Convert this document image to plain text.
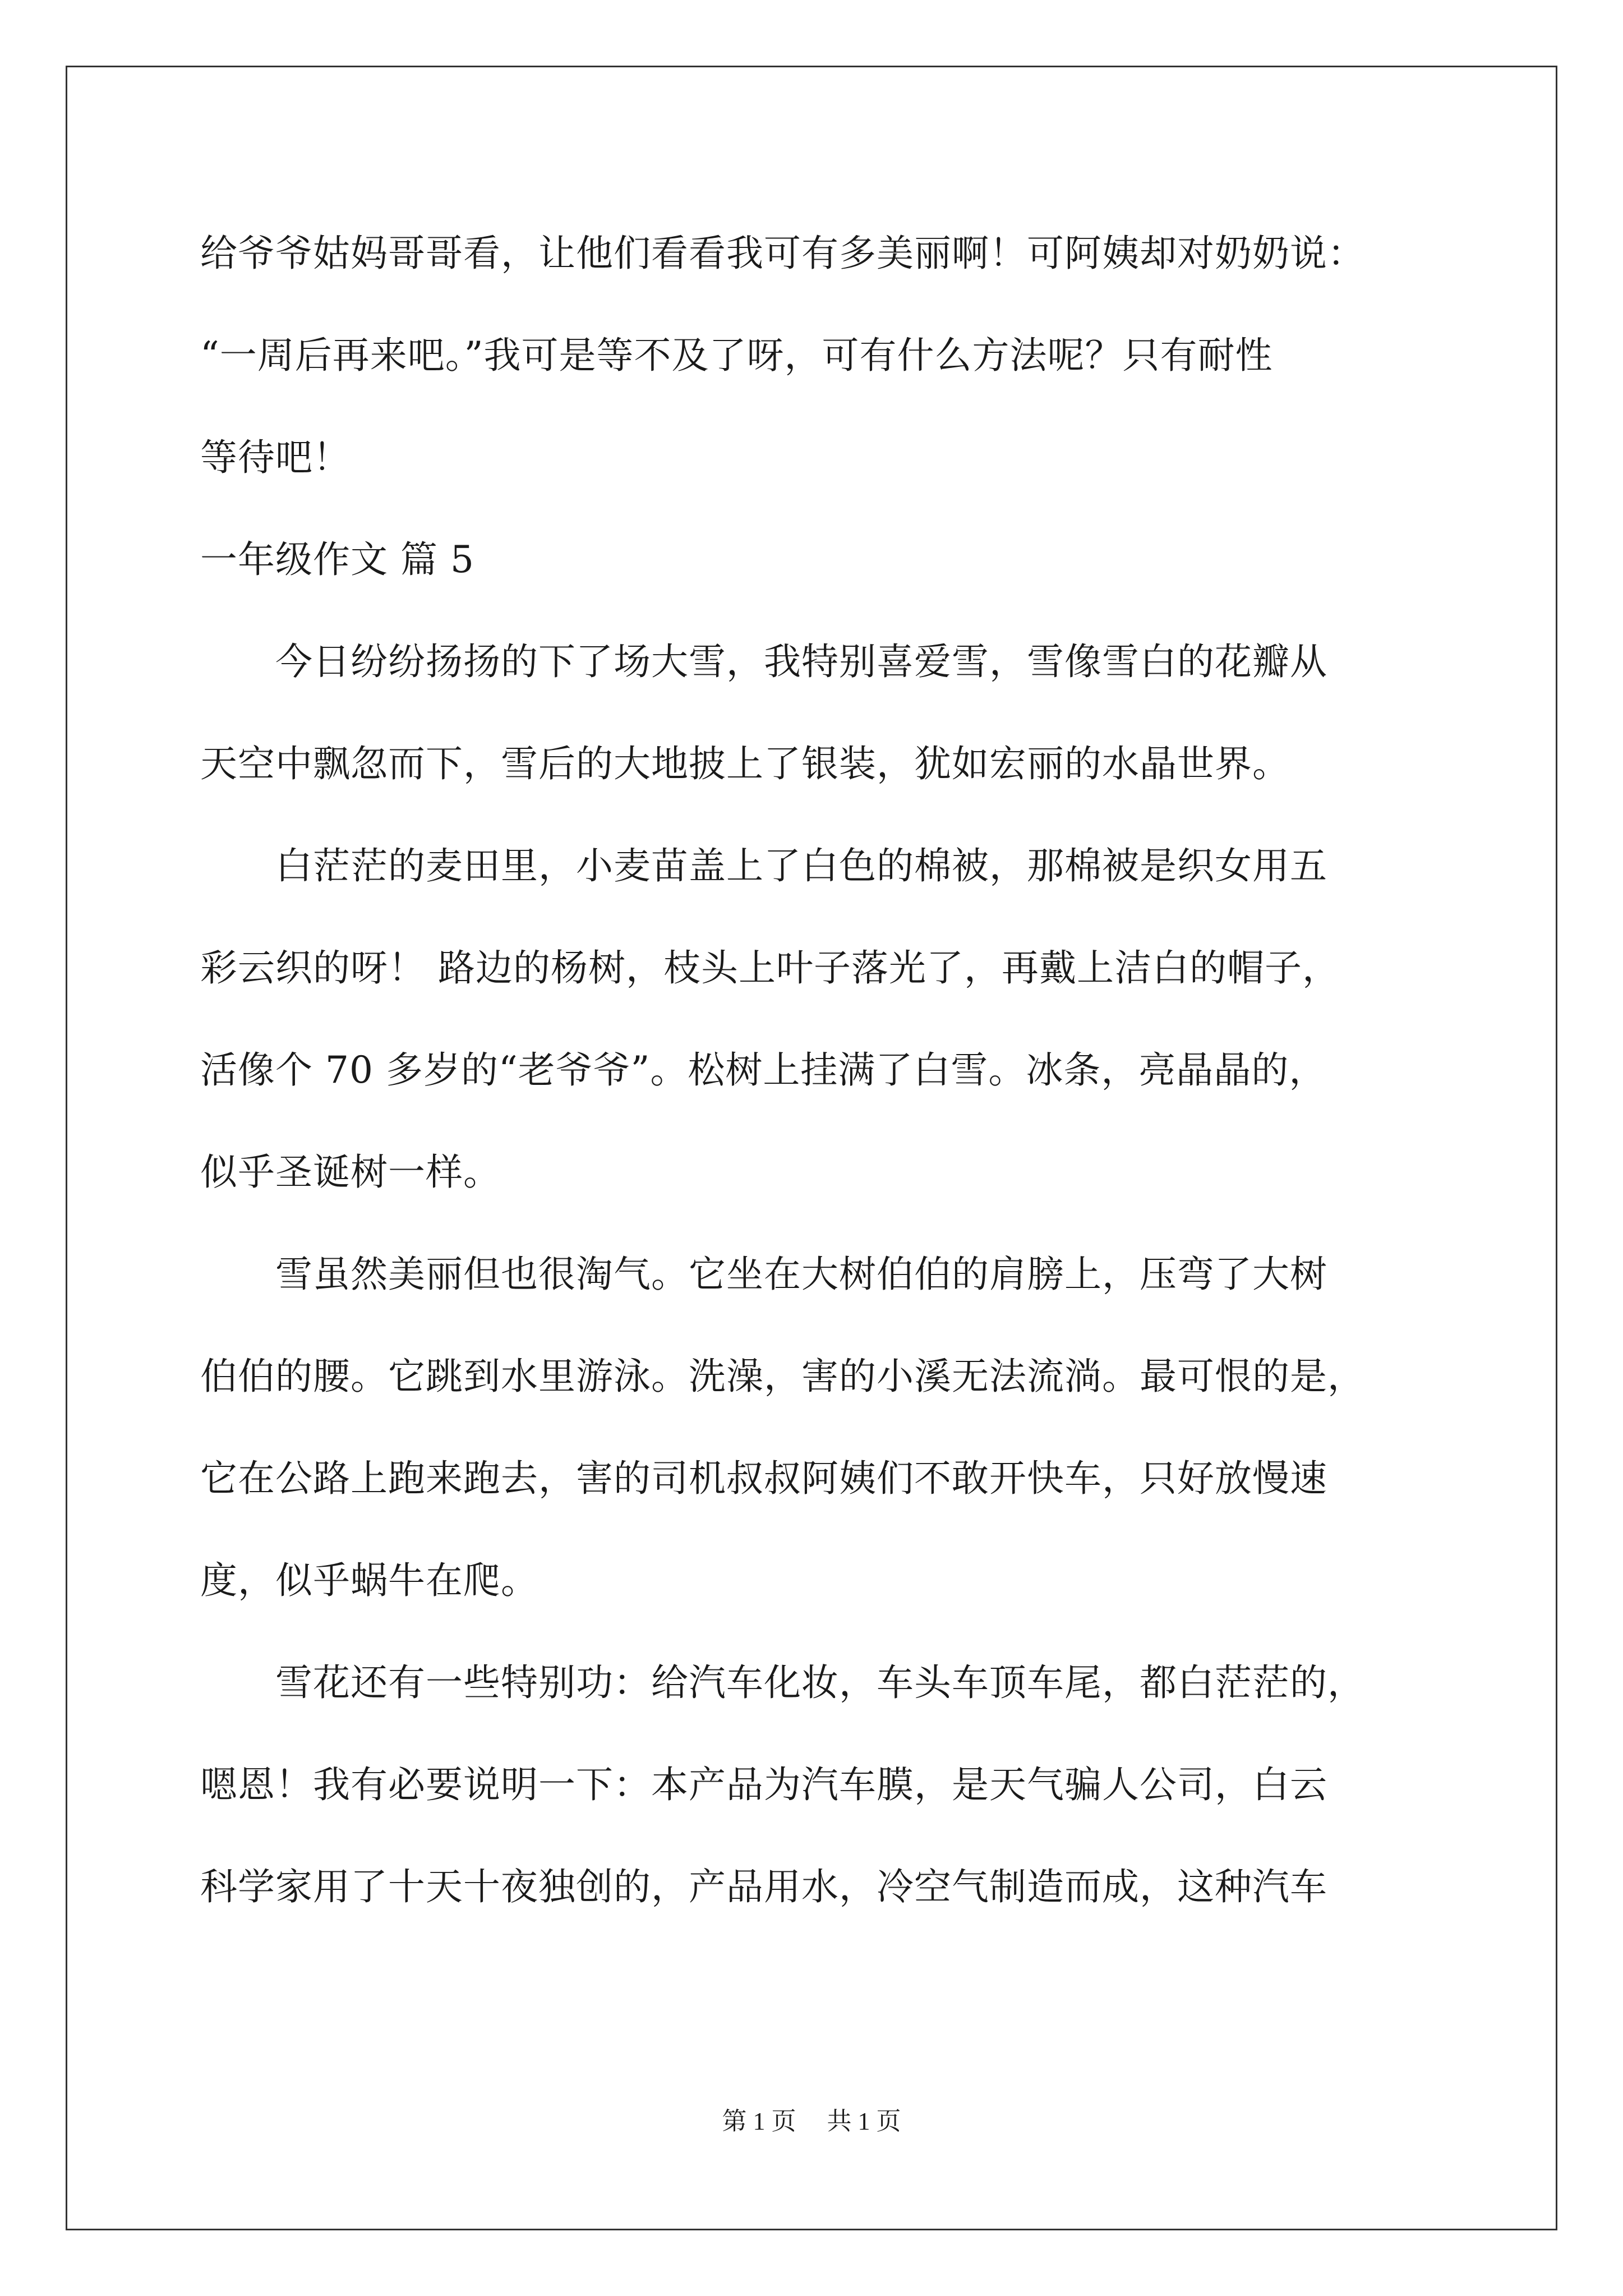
给爷爷姑妈哥哥看，让他们看看我可有多美丽啊！可阿姨却对奶奶说：
“一周后再来吧。”我可是等不及了呀，可有什么方法呢？只有耐性
等待吧！
一年级作文 篇 5
　　今日纷纷扬扬的下了场大雪，我特别喜爱雪，雪像雪白的花瓣从
天空中飘忽而下，雪后的大地披上了银装，犹如宏丽的水晶世界。
　　白茫茫的麦田里，小麦苗盖上了白色的棉被，那棉被是织女用五
彩云织的呀！ 路边的杨树，枝头上叶子落光了，再戴上洁白的帽子，
活像个 70 多岁的“老爷爷”。松树上挂满了白雪。冰条，亮晶晶的，
似乎圣诞树一样。
　　雪虽然美丽但也很淘气。它坐在大树伯伯的肩膀上，压弯了大树
伯伯的腰。它跳到水里游泳。洗澡，害的小溪无法流淌。最可恨的是，
它在公路上跑来跑去，害的司机叔叔阿姨们不敢开快车，只好放慢速
度，似乎蜗牛在爬。
　　雪花还有一些特别功：给汽车化妆，车头车顶车尾，都白茫茫的，
嗯恩！我有必要说明一下：本产品为汽车膜，是天气骗人公司，白云
科学家用了十天十夜独创的，产品用水，冷空气制造而成，这种汽车
第 1 页　 共 1 页
